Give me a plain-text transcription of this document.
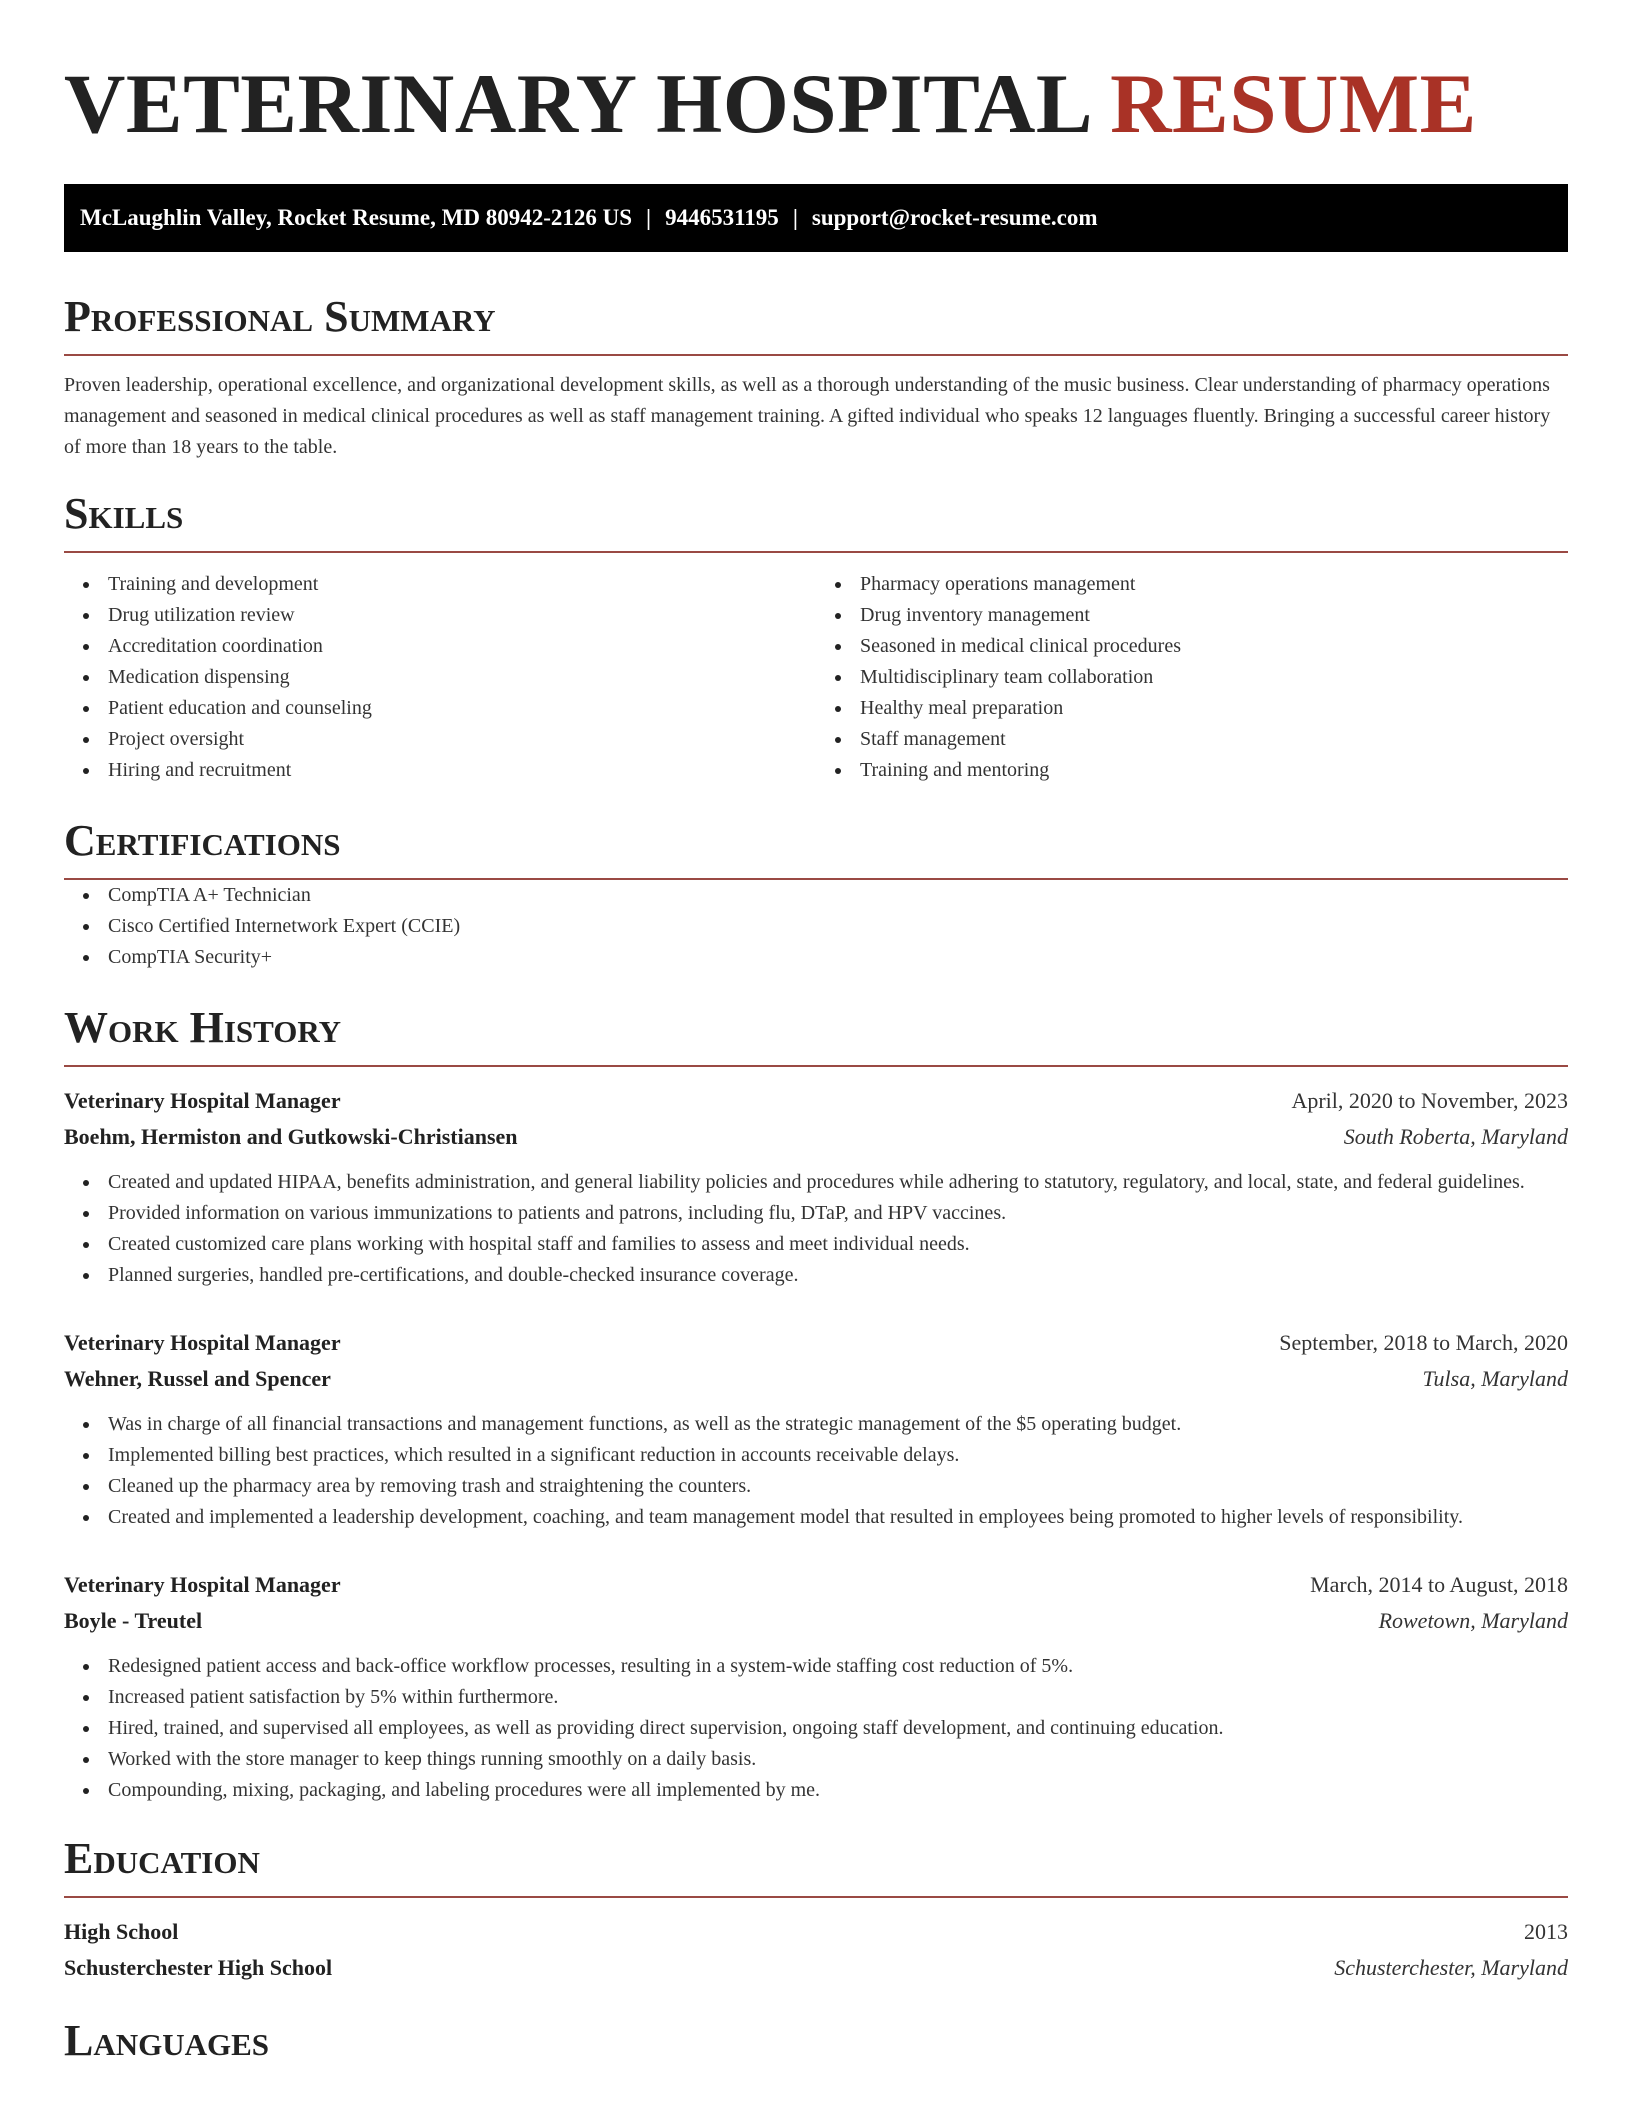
VETERINARY HOSPITAL RESUME
McLaughlin Valley, Rocket Resume, MD 80942-2126 US | 9446531195 | support@rocket-resume.com
Professional Summary

Proven leadership, operational excellence, and organizational development skills, as well as a thorough understanding of the music business. Clear understanding of pharmacy operations management and seasoned in medical clinical procedures as well as staff management training. A gifted individual who speaks 12 languages fluently. Bringing a successful career history of more than 18 years to the table.

Skills
Training and development
Drug utilization review
Accreditation coordination
Medication dispensing
Patient education and counseling
Project oversight
Hiring and recruitment
Pharmacy operations management
Drug inventory management
Seasoned in medical clinical procedures
Multidisciplinary team collaboration
Healthy meal preparation
Staff management
Training and mentoring
Certifications
CompTIA A+ Technician
Cisco Certified Internetwork Expert (CCIE)
CompTIA Security+
Work History
Veterinary Hospital Manager	April, 2020 to November, 2023
Boehm, Hermiston and Gutkowski-Christiansen	South Roberta, Maryland
Created and updated HIPAA, benefits administration, and general liability policies and procedures while adhering to statutory, regulatory, and local, state, and federal guidelines.
Provided information on various immunizations to patients and patrons, including flu, DTaP, and HPV vaccines.
Created customized care plans working with hospital staff and families to assess and meet individual needs.
Planned surgeries, handled pre-certifications, and double-checked insurance coverage.
Veterinary Hospital Manager	September, 2018 to March, 2020
Wehner, Russel and Spencer	Tulsa, Maryland
Was in charge of all financial transactions and management functions, as well as the strategic management of the $5 operating budget.
Implemented billing best practices, which resulted in a significant reduction in accounts receivable delays.
Cleaned up the pharmacy area by removing trash and straightening the counters.
Created and implemented a leadership development, coaching, and team management model that resulted in employees being promoted to higher levels of responsibility.
Veterinary Hospital Manager	March, 2014 to August, 2018
Boyle - Treutel	Rowetown, Maryland
Redesigned patient access and back-office workflow processes, resulting in a system-wide staffing cost reduction of 5%.
Increased patient satisfaction by 5% within furthermore.
Hired, trained, and supervised all employees, as well as providing direct supervision, ongoing staff development, and continuing education.
Worked with the store manager to keep things running smoothly on a daily basis.
Compounding, mixing, packaging, and labeling procedures were all implemented by me.
Education
High School	2013
Schusterchester High School	Schusterchester, Maryland
Languages
